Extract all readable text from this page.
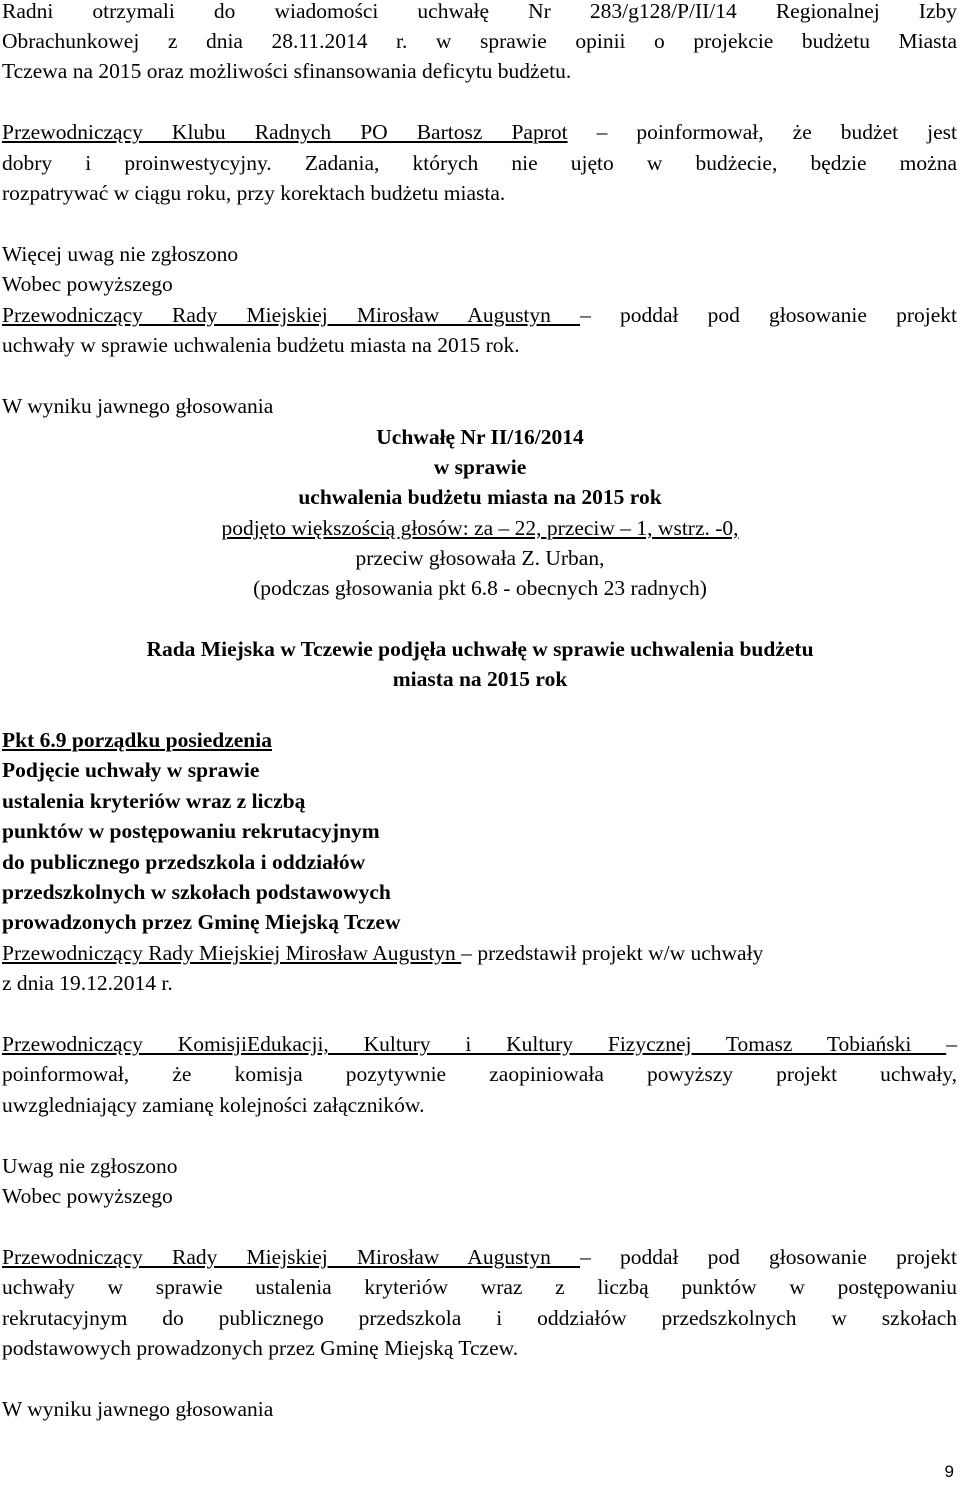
Radni otrzymali do wiadomości uchwałę Nr 283/g128/P/II/14 Regionalnej Izby
Obrachunkowej z dnia 28.11.2014 r. w sprawie opinii o projekcie budżetu Miasta
Tczewa na 2015 oraz możliwości sfinansowania deficytu budżetu.
Przewodniczący Klubu Radnych PO Bartosz Paprot – poinformował, że budżet jest
dobry i proinwestycyjny. Zadania, których nie ujęto w budżecie, będzie można
rozpatrywać w ciągu roku, przy korektach budżetu miasta.
Więcej uwag nie zgłoszono
Wobec powyższego
Przewodniczący Rady Miejskiej Mirosław Augustyn – poddał pod głosowanie projekt
uchwały w sprawie uchwalenia budżetu miasta na 2015 rok.
W wyniku jawnego głosowania
Uchwałę Nr II/16/2014
w sprawie
uchwalenia budżetu miasta na 2015 rok
podjęto większością głosów: za – 22, przeciw – 1, wstrz. -0,
przeciw głosowała Z. Urban,
(podczas głosowania pkt 6.8 - obecnych 23 radnych)
Rada Miejska w Tczewie podjęła uchwałę w sprawie uchwalenia budżetu
miasta na 2015 rok
Pkt 6.9 porządku posiedzenia
Podjęcie uchwały w sprawie
ustalenia kryteriów wraz z liczbą
punktów w postępowaniu rekrutacyjnym
do publicznego przedszkola i oddziałów
przedszkolnych w szkołach podstawowych
prowadzonych przez Gminę Miejską Tczew
Przewodniczący Rady Miejskiej Mirosław Augustyn – przedstawił projekt w/w uchwały
z dnia 19.12.2014 r.
Przewodniczący KomisjiEdukacji, Kultury i Kultury Fizycznej Tomasz Tobiański –
poinformował, że komisja pozytywnie zaopiniowała powyższy projekt uchwały,
uwzgledniający zamianę kolejności załączników.
Uwag nie zgłoszono
Wobec powyższego
Przewodniczący Rady Miejskiej Mirosław Augustyn – poddał pod głosowanie projekt
uchwały w sprawie ustalenia kryteriów wraz z liczbą punktów w postępowaniu
rekrutacyjnym do publicznego przedszkola i oddziałów przedszkolnych w szkołach
podstawowych prowadzonych przez Gminę Miejską Tczew.
W wyniku jawnego głosowania
9
